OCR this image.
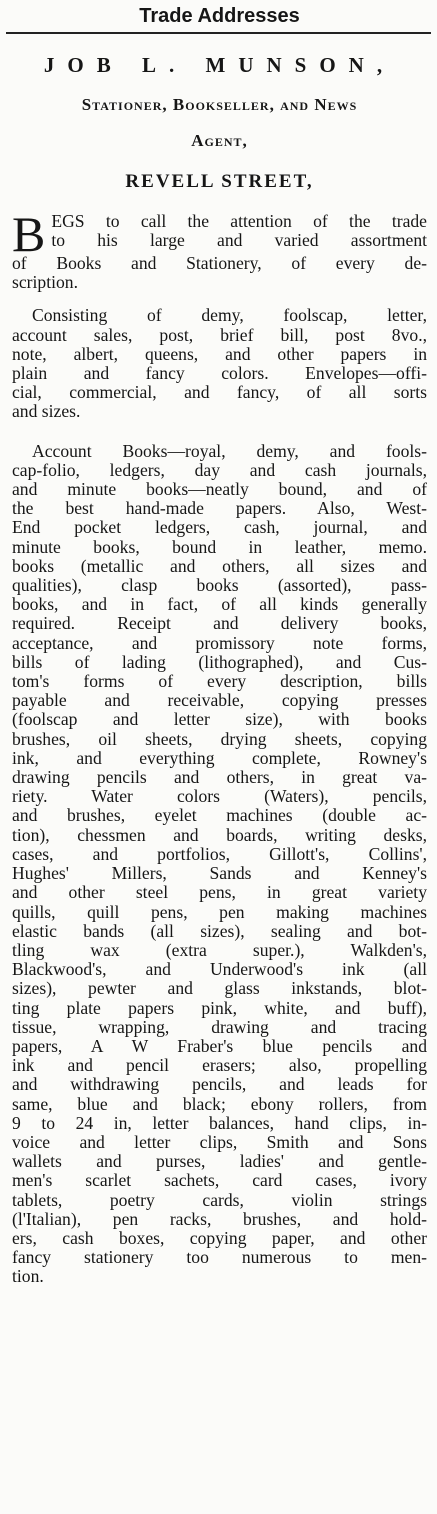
Trade Addresses
JOB L. MUNSON,
Stationer, Bookseller, and News
Agent,
REVELL STREET,
B EGS to call the attention of the trade
to his large and varied assortment
of Books and Stationery, of every de-
scription.
Consisting of demy, foolscap, letter,
account sales, post, brief bill, post 8vo.,
note, albert, queens, and other papers in
plain and fancy colors. Envelopes—offi-
cial, commercial, and fancy, of all sorts
and sizes.
Account Books—royal, demy, and fools-
cap-folio, ledgers, day and cash journals,
and minute books—neatly bound, and of
the best hand-made papers. Also, West-
End pocket ledgers, cash, journal, and
minute books, bound in leather, memo.
books (metallic and others, all sizes and
qualities), clasp books (assorted), pass-
books, and in fact, of all kinds generally
required. Receipt and delivery books,
acceptance, and promissory note forms,
bills of lading (lithographed), and Cus-
tom's forms of every description, bills
payable and receivable, copying presses
(foolscap and letter size), with books
brushes, oil sheets, drying sheets, copying
ink, and everything complete, Rowney's
drawing pencils and others, in great va-
riety. Water colors (Waters), pencils,
and brushes, eyelet machines (double ac-
tion), chessmen and boards, writing desks,
cases, and portfolios, Gillott's, Collins',
Hughes' Millers, Sands and Kenney's
and other steel pens, in great variety
quills, quill pens, pen making machines
elastic bands (all sizes), sealing and bot-
tling wax (extra super.), Walkden's,
Blackwood's, and Underwood's ink (all
sizes), pewter and glass inkstands, blot-
ting plate papers pink, white, and buff),
tissue, wrapping, drawing and tracing
papers, A W Fraber's blue pencils and
ink and pencil erasers; also, propelling
and withdrawing pencils, and leads for
same, blue and black; ebony rollers, from
9 to 24 in, letter balances, hand clips, in-
voice and letter clips, Smith and Sons
wallets and purses, ladies' and gentle-
men's scarlet sachets, card cases, ivory
tablets, poetry cards, violin strings
(l'Italian), pen racks, brushes, and hold-
ers, cash boxes, copying paper, and other
fancy stationery too numerous to men-
tion.
